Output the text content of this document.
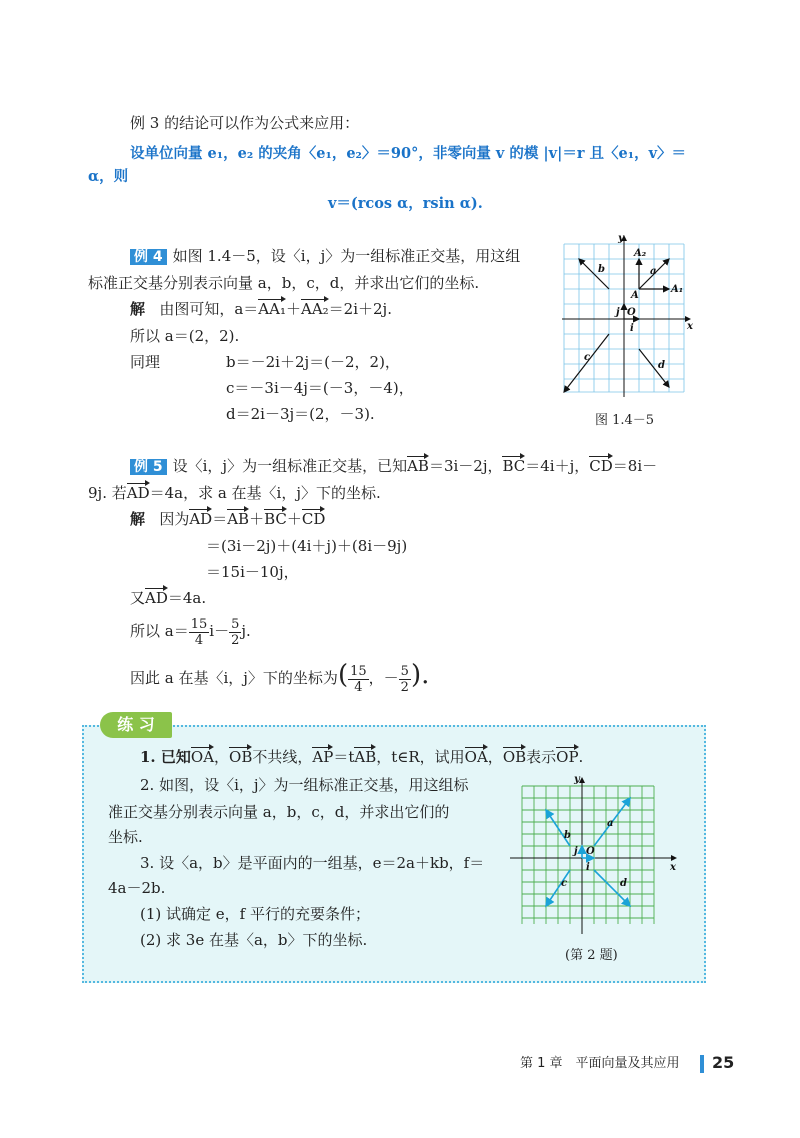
例 3 的结论可以作为公式来应用：
设单位向量 e₁，e₂ 的夹角〈e₁，e₂〉＝90°，非零向量 v 的模 |v|＝r 且〈e₁，v〉＝
α，则
v＝(rcos α，rsin α).
例 4 如图 1.4－5，设〈i，j〉为一组标准正交基，用这组
标准正交基分别表示向量 a，b，c，d，并求出它们的坐标.
解 由图可知，a＝AA₁＋AA₂＝2i＋2j.
所以 a＝(2，2).
同理	b＝－2i＋2j＝(－2，2)，
c＝－3i－4j＝(－3，－4)，
d＝2i－3j＝(2，－3).
y
x
O
i
j
a
b
c
d
A
A₁
A₂
图 1.4－5
例 5 设〈i，j〉为一组标准正交基，已知AB＝3i－2j，BC＝4i＋j，CD＝8i－
9j. 若AD＝4a，求 a 在基〈i，j〉下的坐标.
解 因为AD＝AB＋BC＋CD
＝(3i－2j)＋(4i＋j)＋(8i－9j)
＝15i－10j，
又AD＝4a.
所以 $a= \frac{15}{4} i- \frac{5}{2} j$.
因此 a 在基〈i，j〉下的坐标为( $\frac{15}{4}$ ，－ $\frac{5}{2}$ ).
练 习
1. 已知OA，OB不共线，AP＝tAB，t∈R，试用OA，OB表示OP.
2. 如图，设〈i，j〉为一组标准正交基，用这组标
准正交基分别表示向量 a，b，c，d，并求出它们的
坐标.
3. 设〈a，b〉是平面内的一组基，e＝2a＋kb，f＝
4a－2b.
(1) 试确定 e，f 平行的充要条件；
(2) 求 3e 在基〈a，b〉下的坐标.
y
x
O
i
j
a
b
c	d
(第 2 题)
第 1 章　平面向量及其应用 25
